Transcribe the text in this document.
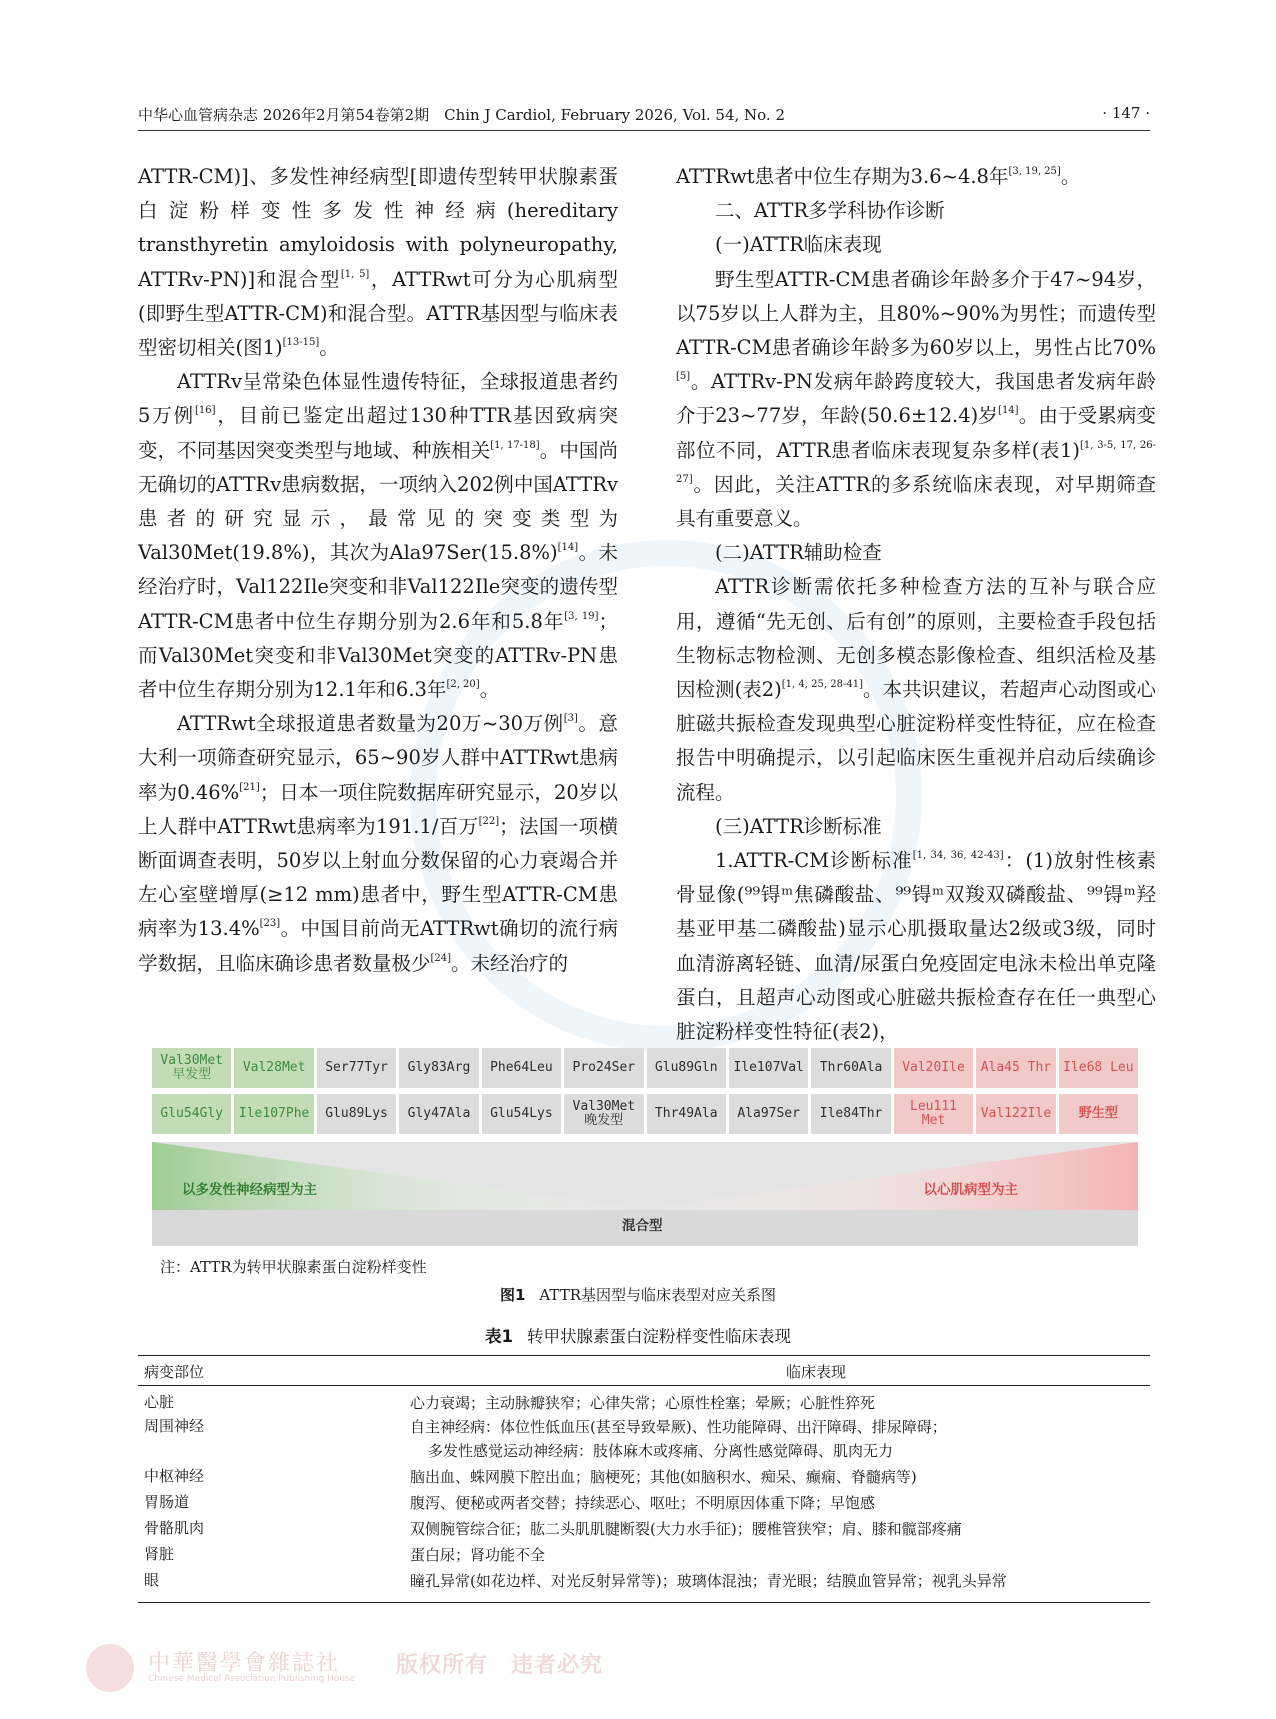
中华心血管病杂志 2026年2月第54卷第2期　Chin J Cardiol, February 2026, Vol. 54, No. 2	· 147 ·

ATTR-CM)]、多发性神经病型[即遗传型转甲状腺素蛋白淀粉样变性多发性神经病(hereditary transthyretin amyloidosis with polyneuropathy, ATTRv-PN)]和混合型[1, 5]，ATTRwt可分为心肌病型(即野生型ATTR-CM)和混合型。ATTR基因型与临床表型密切相关(图1)[13-15]。

ATTRv呈常染色体显性遗传特征，全球报道患者约5万例[16]，目前已鉴定出超过130种TTR基因致病突变，不同基因突变类型与地域、种族相关[1, 17-18]。中国尚无确切的ATTRv患病数据，一项纳入202例中国ATTRv患者的研究显示，最常见的突变类型为Val30Met(19.8%)，其次为Ala97Ser(15.8%)[14]。未经治疗时，Val122Ile突变和非Val122Ile突变的遗传型ATTR-CM患者中位生存期分别为2.6年和5.8年[3, 19]；而Val30Met突变和非Val30Met突变的ATTRv-PN患者中位生存期分别为12.1年和6.3年[2, 20]。

ATTRwt全球报道患者数量为20万~30万例[3]。意大利一项筛查研究显示，65~90岁人群中ATTRwt患病率为0.46%[21]；日本一项住院数据库研究显示，20岁以上人群中ATTRwt患病率为191.1/百万[22]；法国一项横断面调查表明，50岁以上射血分数保留的心力衰竭合并左心室壁增厚(≥12 mm)患者中，野生型ATTR-CM患病率为13.4%[23]。中国目前尚无ATTRwt确切的流行病学数据，且临床确诊患者数量极少[24]。未经治疗的

ATTRwt患者中位生存期为3.6~4.8年[3, 19, 25]。

二、ATTR多学科协作诊断

(一)ATTR临床表现

野生型ATTR-CM患者确诊年龄多介于47~94岁，以75岁以上人群为主，且80%~90%为男性；而遗传型ATTR-CM患者确诊年龄多为60岁以上，男性占比70%[5]。ATTRv-PN发病年龄跨度较大，我国患者发病年龄介于23~77岁，年龄(50.6±12.4)岁[14]。由于受累病变部位不同，ATTR患者临床表现复杂多样(表1)[1, 3-5, 17, 26-27]。因此，关注ATTR的多系统临床表现，对早期筛查具有重要意义。

(二)ATTR辅助检查

ATTR诊断需依托多种检查方法的互补与联合应用，遵循“先无创、后有创”的原则，主要检查手段包括生物标志物检测、无创多模态影像检查、组织活检及基因检测(表2)[1, 4, 25, 28-41]。本共识建议，若超声心动图或心脏磁共振检查发现典型心脏淀粉样变性特征，应在检查报告中明确提示，以引起临床医生重视并启动后续确诊流程。

(三)ATTR诊断标准

1.ATTR-CM诊断标准[1, 34, 36, 42-43]：(1)放射性核素骨显像(⁹⁹锝ᵐ焦磷酸盐、⁹⁹锝ᵐ双羧双磷酸盐、⁹⁹锝ᵐ羟基亚甲基二磷酸盐)显示心肌摄取量达2级或3级，同时血清游离轻链、血清/尿蛋白免疫固定电泳未检出单克隆蛋白，且超声心动图或心脏磁共振检查存在任一典型心脏淀粉样变性特征(表2)，

Val30Met
早发型	Val28Met	Ser77Tyr	Gly83Arg	Phe64Leu	Pro24Ser	Glu89Gln	Ile107Val	Thr60Ala	Val20Ile	Ala45 Thr Ile68 Leu
Glu54Gly	Ile107Phe	Glu89Lys	Gly47Ala	Glu54Lys	Val30Met
晚发型	Thr49Ala	Ala97Ser	Ile84Thr	Leu111
Met	Val122Ile	野生型
以多发性神经病型为主	以心肌病型为主
混合型
注：ATTR为转甲状腺素蛋白淀粉样变性
图1 ATTR基因型与临床表型对应关系图
表1 转甲状腺素蛋白淀粉样变性临床表现
病变部位	临床表现
心脏	心力衰竭；主动脉瓣狭窄；心律失常；心原性栓塞；晕厥；心脏性猝死
周围神经	自主神经病：体位性低血压(甚至导致晕厥)、性功能障碍、出汗障碍、排尿障碍；
多发性感觉运动神经病：肢体麻木或疼痛、分离性感觉障碍、肌肉无力
中枢神经	脑出血、蛛网膜下腔出血；脑梗死；其他(如脑积水、痴呆、癫痫、脊髓病等)
胃肠道	腹泻、便秘或两者交替；持续恶心、呕吐；不明原因体重下降；早饱感
骨骼肌肉	双侧腕管综合征；肱二头肌肌腱断裂(大力水手征)；腰椎管狭窄；肩、膝和髋部疼痛
肾脏	蛋白尿；肾功能不全
眼	瞳孔异常(如花边样、对光反射异常等)；玻璃体混浊；青光眼；结膜血管异常；视乳头异常
中華醫學會雜誌社
Chinese Medical Association Publishing House
版权所有　违者必究
